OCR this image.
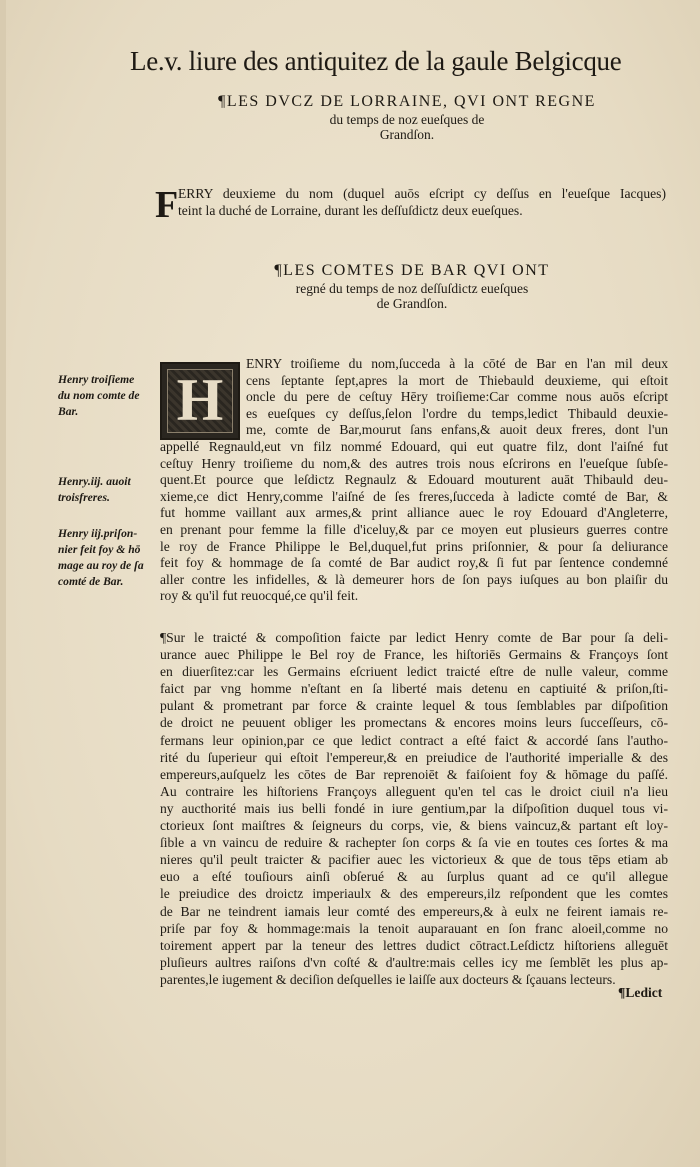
Le.v. liure des antiquitez de la gaule Belgicque
¶LES DVCZ DE LORRAINE, QVI ONT REGNE
du temps de noz eueſques de
Grandſon.
F ERRY deuxieme du nom (duquel auōs eſcript cy deſſus en l'eueſque Iacques)
teint la duché de Lorraine, durant les deſſuſdictz deux eueſques.
¶LES COMTES DE BAR QVI ONT
regné du temps de noz deſſuſdictz eueſques
de Grandſon.
Henry troiſieme
du nom comte de
Bar.
Henry.iij. auoit
troisfreres.
Henry iij.priſon-
nier feit foy & hō
mage au roy de ſa
comté de Bar.
H
ENRY troiſieme du nom,ſucceda à la cōté de Bar en l'an mil deux
cens ſeptante ſept,apres la mort de Thiebauld deuxieme, qui eſtoit
oncle du pere de ceſtuy Hēry troiſieme:Car comme nous auōs eſcript
es eueſques cy deſſus,ſelon l'ordre du temps,ledict Thibauld deuxie-
me, comte de Bar,mourut ſans enfans,& auoit deux freres, dont l'un
appellé Regnauld,eut vn filz nommé Edouard, qui eut quatre filz, dont l'aiſné fut
ceſtuy Henry troiſieme du nom,& des autres trois nous eſcrirons en l'eueſque ſubſe-
quent.Et pource que leſdictz Regnaulz & Edouard mouturent auāt Thibauld deu-
xieme,ce dict Henry,comme l'aiſné de ſes freres,ſucceda à ladicte comté de Bar, &
fut homme vaillant aux armes,& print alliance auec le roy Edouard d'Angleterre,
en prenant pour femme la fille d'iceluy,& par ce moyen eut plusieurs guerres contre
le roy de France Philippe le Bel,duquel,fut prins priſonnier, & pour ſa deliurance
feit foy & hommage de ſa comté de Bar audict roy,& ſi fut par ſentence condemné
aller contre les infidelles, & là demeurer hors de ſon pays iuſques au bon plaiſir du
roy & qu'il fut reuocqué,ce qu'il feit.
¶Sur le traicté & compoſition faicte par ledict Henry comte de Bar pour ſa deli-
urance auec Philippe le Bel roy de France, les hiſtoriēs Germains & Françoys ſont
en diuerſitez:car les Germains eſcriuent ledict traicté eſtre de nulle valeur, comme
faict par vng homme n'eſtant en ſa liberté mais detenu en captiuité & priſon,ſti-
pulant & prometrant par force & crainte lequel & tous ſemblables par diſpoſition
de droict ne peuuent obliger les promectans & encores moins leurs ſucceſſeurs, cō-
fermans leur opinion,par ce que ledict contract a eſté faict & accordé ſans l'autho-
rité du ſuperieur qui eſtoit l'empereur,& en preiudice de l'authorité imperialle & des
empereurs,auſquelz les cōtes de Bar reprenoiēt & faiſoient foy & hōmage du paſſé.
Au contraire les hiſtoriens Françoys alleguent qu'en tel cas le droict ciuil n'a lieu
ny aucthorité mais ius belli fondé in iure gentium,par la diſpoſition duquel tous vi-
ctorieux ſont maiſtres & ſeigneurs du corps, vie, & biens vaincuz,& partant eſt loy-
ſible a vn vaincu de reduire & rachepter ſon corps & ſa vie en toutes ces ſortes & ma
nieres qu'il peult traicter & pacifier auec les victorieux & que de tous tēps etiam ab
euo a eſté touſiours ainſi obſerué & au ſurplus quant ad ce qu'il allegue
le preiudice des droictz imperiaulx & des empereurs,ilz reſpondent que les comtes
de Bar ne teindrent iamais leur comté des empereurs,& à eulx ne feirent iamais re-
priſe par foy & hommage:mais la tenoit auparauant en ſon franc aloeil,comme no
toirement appert par la teneur des lettres dudict cōtract.Leſdictz hiſtoriens alleguēt
pluſieurs aultres raiſons d'vn coſté & d'aultre:mais celles icy me ſemblēt les plus ap-
parentes,le iugement & deciſion deſquelles ie laiſſe aux docteurs & ſçauans lecteurs.
¶Ledict
